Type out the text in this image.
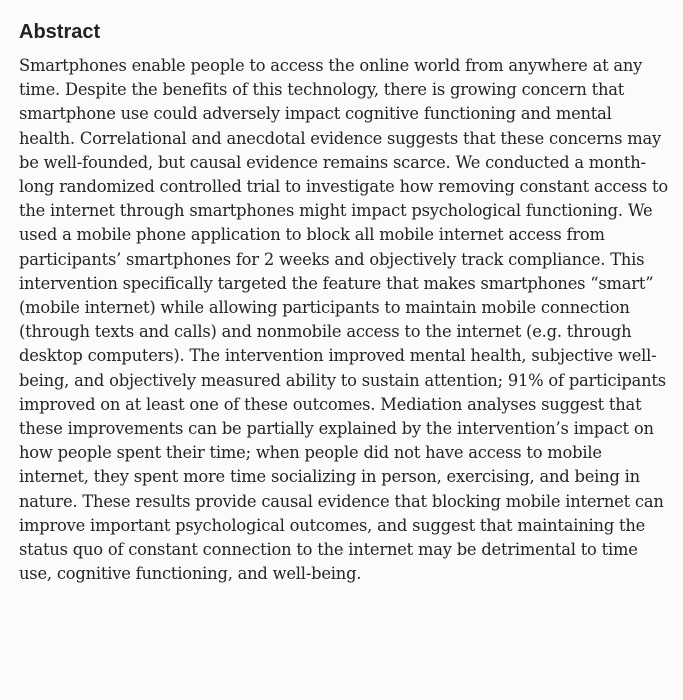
Abstract

Smartphones enable people to access the online world from anywhere at any time. Despite the benefits of this technology, there is growing concern that smartphone use could adversely impact cognitive functioning and mental health. Correlational and anecdotal evidence suggests that these concerns may be well-founded, but causal evidence remains scarce. We conducted a month-long randomized controlled trial to investigate how removing constant access to the internet through smartphones might impact psychological functioning. We used a mobile phone application to block all mobile internet access from participants’ smartphones for 2 weeks and objectively track compliance. This intervention specifically targeted the feature that makes smartphones “smart” (mobile internet) while allowing participants to maintain mobile connection (through texts and calls) and nonmobile access to the internet (e.g. through desktop computers). The intervention improved mental health, subjective well-being, and objectively measured ability to sustain attention; 91% of participants improved on at least one of these outcomes. Mediation analyses suggest that these improvements can be partially explained by the intervention’s impact on how people spent their time; when people did not have access to mobile internet, they spent more time socializing in person, exercising, and being in nature. These results provide causal evidence that blocking mobile internet can improve important psychological outcomes, and suggest that maintaining the status quo of constant connection to the internet may be detrimental to time use, cognitive functioning, and well-being.
